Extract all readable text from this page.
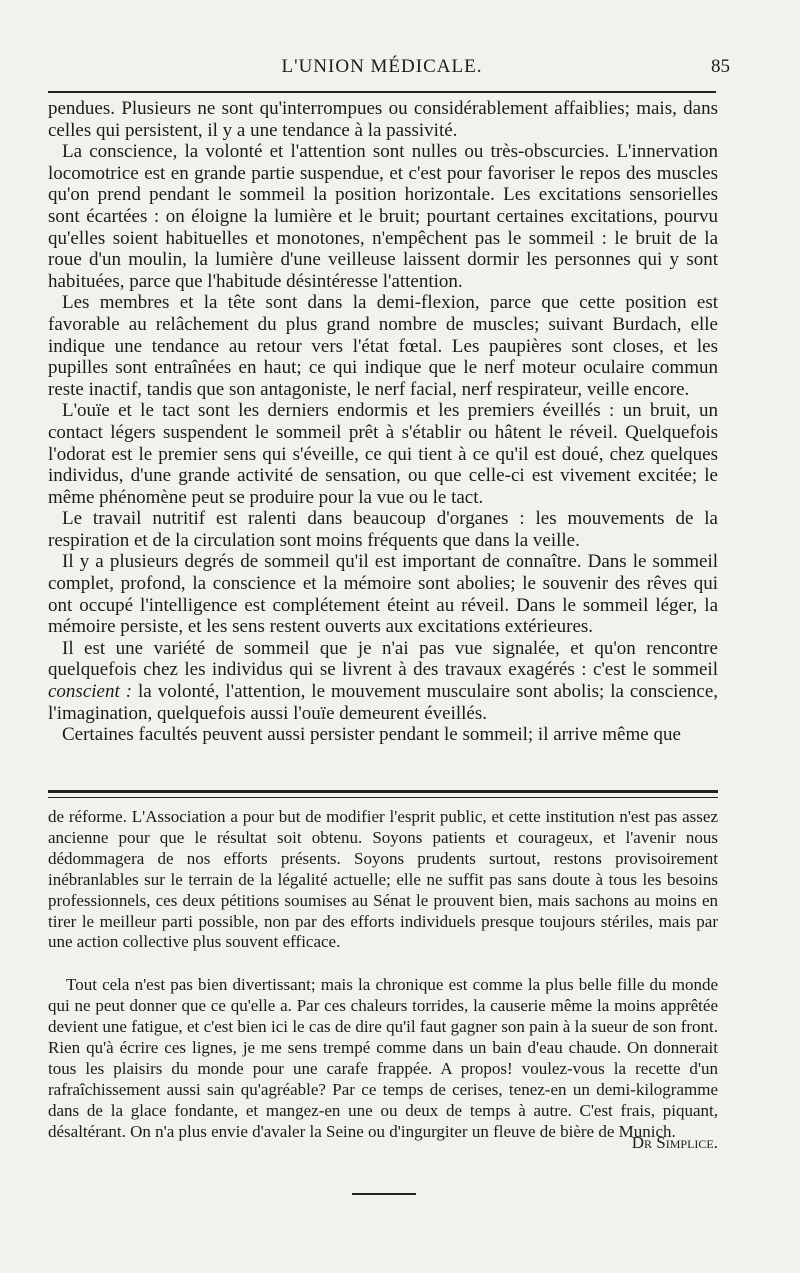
L'UNION MÉDICALE.	85

pendues. Plusieurs ne sont qu'interrompues ou considérablement affaiblies; mais, dans celles qui persistent, il y a une tendance à la passivité.

La conscience, la volonté et l'attention sont nulles ou très-obscurcies. L'innervation locomotrice est en grande partie suspendue, et c'est pour favoriser le repos des muscles qu'on prend pendant le sommeil la position horizontale. Les excitations sensorielles sont écartées : on éloigne la lumière et le bruit; pourtant certaines excitations, pourvu qu'elles soient habituelles et monotones, n'empêchent pas le sommeil : le bruit de la roue d'un moulin, la lumière d'une veilleuse laissent dormir les personnes qui y sont habituées, parce que l'habitude désintéresse l'attention.

Les membres et la tête sont dans la demi-flexion, parce que cette position est favorable au relâchement du plus grand nombre de muscles; suivant Burdach, elle indique une tendance au retour vers l'état fœtal. Les paupières sont closes, et les pupilles sont entraînées en haut; ce qui indique que le nerf moteur oculaire commun reste inactif, tandis que son antagoniste, le nerf facial, nerf respirateur, veille encore.

L'ouïe et le tact sont les derniers endormis et les premiers éveillés : un bruit, un contact légers suspendent le sommeil prêt à s'établir ou hâtent le réveil. Quelquefois l'odorat est le premier sens qui s'éveille, ce qui tient à ce qu'il est doué, chez quelques individus, d'une grande activité de sensation, ou que celle-ci est vivement excitée; le même phénomène peut se produire pour la vue ou le tact.

Le travail nutritif est ralenti dans beaucoup d'organes : les mouvements de la respiration et de la circulation sont moins fréquents que dans la veille.

Il y a plusieurs degrés de sommeil qu'il est important de connaître. Dans le sommeil complet, profond, la conscience et la mémoire sont abolies; le souvenir des rêves qui ont occupé l'intelligence est complétement éteint au réveil. Dans le sommeil léger, la mémoire persiste, et les sens restent ouverts aux excitations extérieures.

Il est une variété de sommeil que je n'ai pas vue signalée, et qu'on rencontre quelquefois chez les individus qui se livrent à des travaux exagérés : c'est le sommeil conscient : la volonté, l'attention, le mouvement musculaire sont abolis; la conscience, l'imagination, quelquefois aussi l'ouïe demeurent éveillés.

Certaines facultés peuvent aussi persister pendant le sommeil; il arrive même que

de réforme. L'Association a pour but de modifier l'esprit public, et cette institution n'est pas assez ancienne pour que le résultat soit obtenu. Soyons patients et courageux, et l'avenir nous dédommagera de nos efforts présents. Soyons prudents surtout, restons provisoirement inébranlables sur le terrain de la légalité actuelle; elle ne suffit pas sans doute à tous les besoins professionnels, ces deux pétitions soumises au Sénat le prouvent bien, mais sachons au moins en tirer le meilleur parti possible, non par des efforts individuels presque toujours stériles, mais par une action collective plus souvent efficace.

Tout cela n'est pas bien divertissant; mais la chronique est comme la plus belle fille du monde qui ne peut donner que ce qu'elle a. Par ces chaleurs torrides, la causerie même la moins apprêtée devient une fatigue, et c'est bien ici le cas de dire qu'il faut gagner son pain à la sueur de son front. Rien qu'à écrire ces lignes, je me sens trempé comme dans un bain d'eau chaude. On donnerait tous les plaisirs du monde pour une carafe frappée. A propos! voulez-vous la recette d'un rafraîchissement aussi sain qu'agréable? Par ce temps de cerises, tenez-en un demi-kilogramme dans de la glace fondante, et mangez-en une ou deux de temps à autre. C'est frais, piquant, désaltérant. On n'a plus envie d'avaler la Seine ou d'ingurgiter un fleuve de bière de Munich.

Dr Simplice.
